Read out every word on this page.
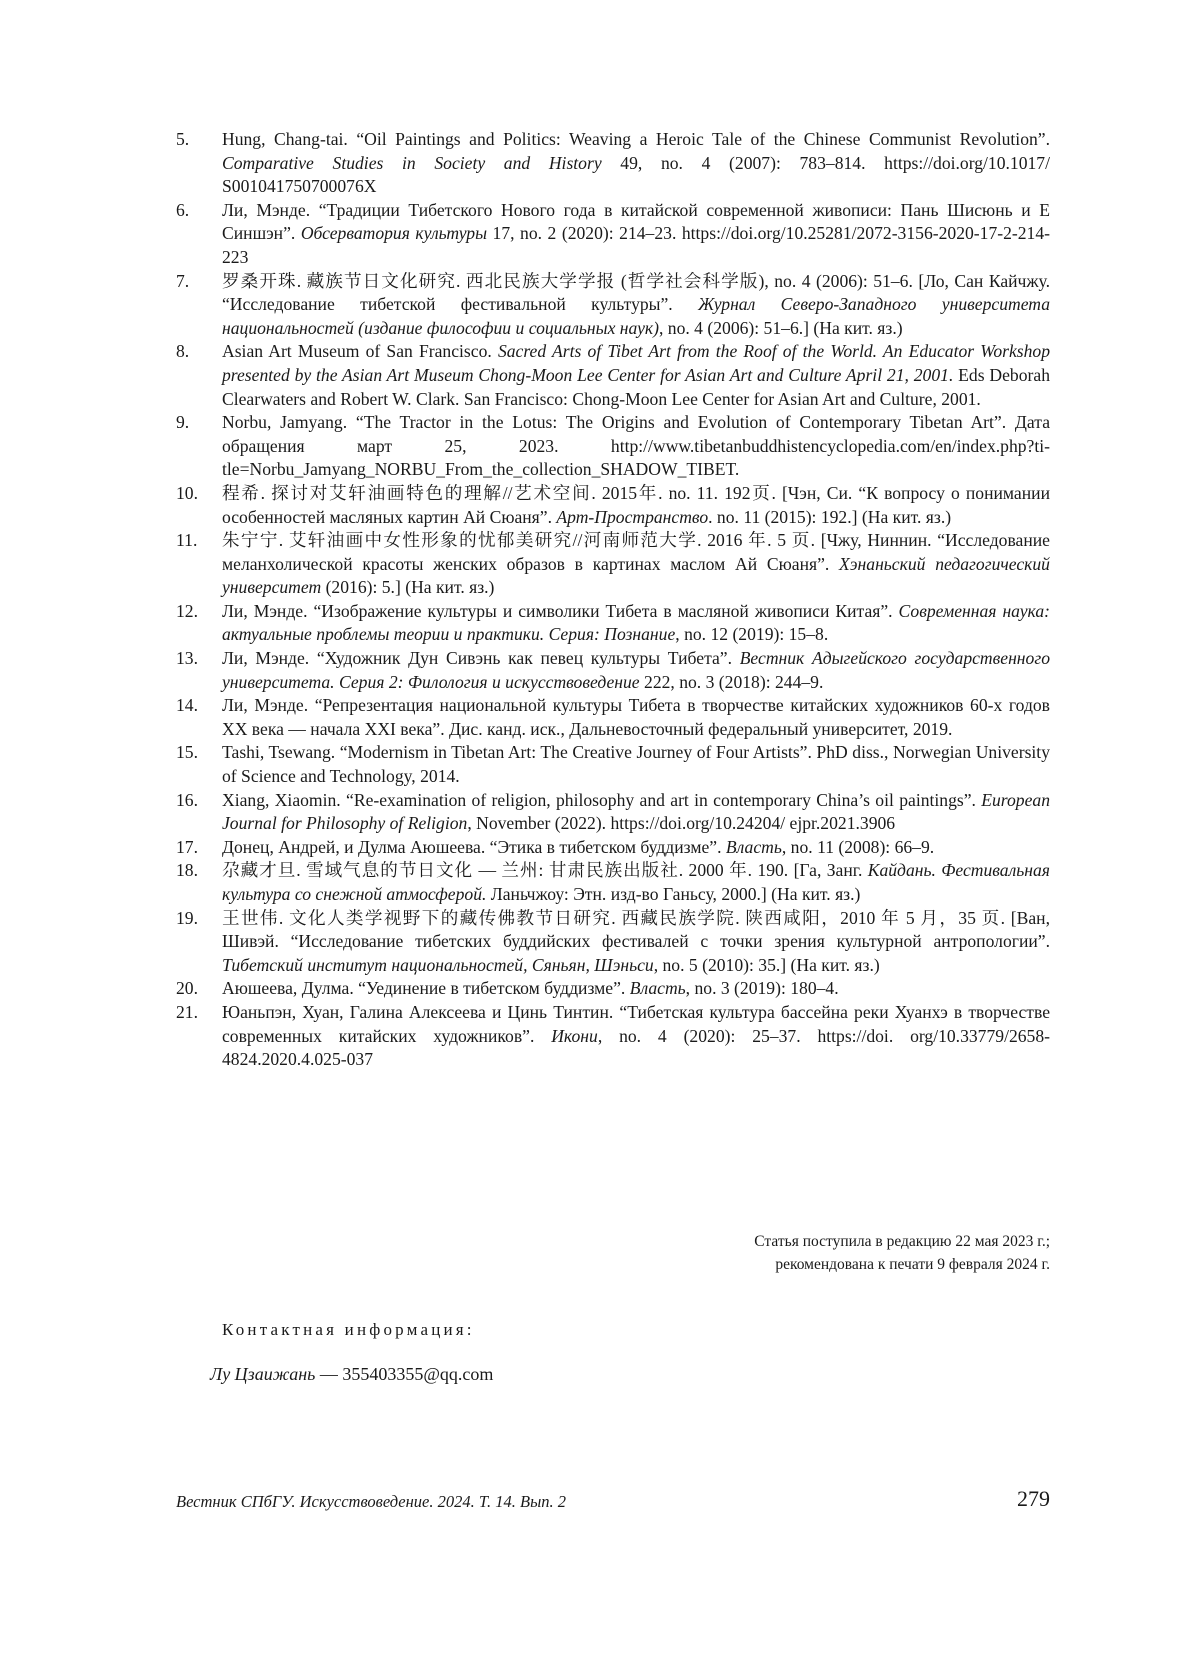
5.	Hung, Chang-tai. “Oil Paintings and Politics: Weaving a Heroic Tale of the Chinese Communist Revolution”. Comparative Studies in Society and History 49, no. 4 (2007): 783–814. https://doi.org/10.1017/ S001041750700076X
6.	Ли, Мэнде. “Традиции Тибетского Нового года в китайской современной живописи: Пань Шисюнь и Е Синшэн”. Обсерватория культуры 17, no. 2 (2020): 214–23. https://doi.org/10.25281/2072-3156-2020-17-2-214-223
7.	罗桑开珠. 藏族节日文化研究. 西北民族大学学报 (哲学社会科学版), no. 4 (2006): 51–6. [Ло, Сан Кайчжу. “Исследование тибетской фестивальной культуры”. Журнал Северо-Западного университета национальностей (издание философии и социальных наук), no. 4 (2006): 51–6.] (На кит. яз.)
8.	Asian Art Museum of San Francisco. Sacred Arts of Tibet Art from the Roof of the World. An Educator Workshop presented by the Asian Art Museum Chong-Moon Lee Center for Asian Art and Culture April 21, 2001. Eds Deborah Clearwaters and Robert W. Clark. San Francisco: Chong-Moon Lee Center for Asian Art and Culture, 2001.
9.	Norbu, Jamyang. “The Tractor in the Lotus: The Origins and Evolution of Contemporary Tibetan Art”. Дата обращения март 25, 2023. http://www.tibetanbuddhistencyclopedia.com/en/index.php?title=Norbu_Jamyang_NORBU_From_the_collection_SHADOW_TIBET.
10.	程希. 探讨对艾轩油画特色的理解//艺术空间. 2015年. no. 11. 192页. [Чэн, Си. “К вопросу о понимании особенностей масляных картин Ай Сюаня”. Арт-Пространство. no. 11 (2015): 192.] (На кит. яз.)
11.	朱宁宁. 艾轩油画中女性形象的忧郁美研究//河南师范大学. 2016 年. 5 页. [Чжу, Ниннин. “Исследование меланхолической красоты женских образов в картинах маслом Ай Сюаня”. Хэнаньский педагогический университет (2016): 5.] (На кит. яз.)
12.	Ли, Мэнде. “Изображение культуры и символики Тибета в масляной живописи Китая”. Современная наука: актуальные проблемы теории и практики. Серия: Познание, no. 12 (2019): 15–8.
13.	Ли, Мэнде. “Художник Дун Сивэнь как певец культуры Тибета”. Вестник Адыгейского государственного университета. Серия 2: Филология и искусствоведение 222, no. 3 (2018): 244–9.
14.	Ли, Мэнде. “Репрезентация национальной культуры Тибета в творчестве китайских художников 60-х годов XX века — начала XXI века”. Дис. канд. иск., Дальневосточный федеральный университет, 2019.
15.	Tashi, Tsewang. “Modernism in Tibetan Art: The Creative Journey of Four Artists”. PhD diss., Norwegian University of Science and Technology, 2014.
16.	Xiang, Xiaomin. “Re-examination of religion, philosophy and art in contemporary China’s oil paintings”. European Journal for Philosophy of Religion, November (2022). https://doi.org/10.24204/ ejpr.2021.3906
17.	Донец, Андрей, и Дулма Аюшеева. “Этика в тибетском буддизме”. Власть, no. 11 (2008): 66–9.
18.	尕藏才旦. 雪域气息的节日文化 — 兰州: 甘肃民族出版社. 2000 年. 190. [Га, Занг. Кайдань. Фестивальная культура со снежной атмосферой. Ланьчжоу: Этн. изд-во Ганьсу, 2000.] (На кит. яз.)
19.	王世伟. 文化人类学视野下的藏传佛教节日研究. 西藏民族学院. 陕西咸阳，2010 年 5 月，35 页. [Ван, Шивэй. “Исследование тибетских буддийских фестивалей с точки зрения культурной антропологии”. Тибетский институт национальностей, Сяньян, Шэньси, no. 5 (2010): 35.] (На кит. яз.)
20.	Аюшеева, Дулма. “Уединение в тибетском буддизме”. Власть, no. 3 (2019): 180–4.
21.	Юаньпэн, Хуан, Галина Алексеева и Цинь Тинтин. “Тибетская культура бассейна реки Хуанхэ в творчестве современных китайских художников”. Икони, no. 4 (2020): 25–37. https://doi. org/10.33779/2658-4824.2020.4.025-037
Статья поступила в редакцию 22 мая 2023 г.;
рекомендована к печати 9 февраля 2024 г.
Контактная информация:
Лу Цзаижань — 355403355@qq.com
Вестник СПбГУ. Искусствоведение. 2024. Т. 14. Вып. 2	279
